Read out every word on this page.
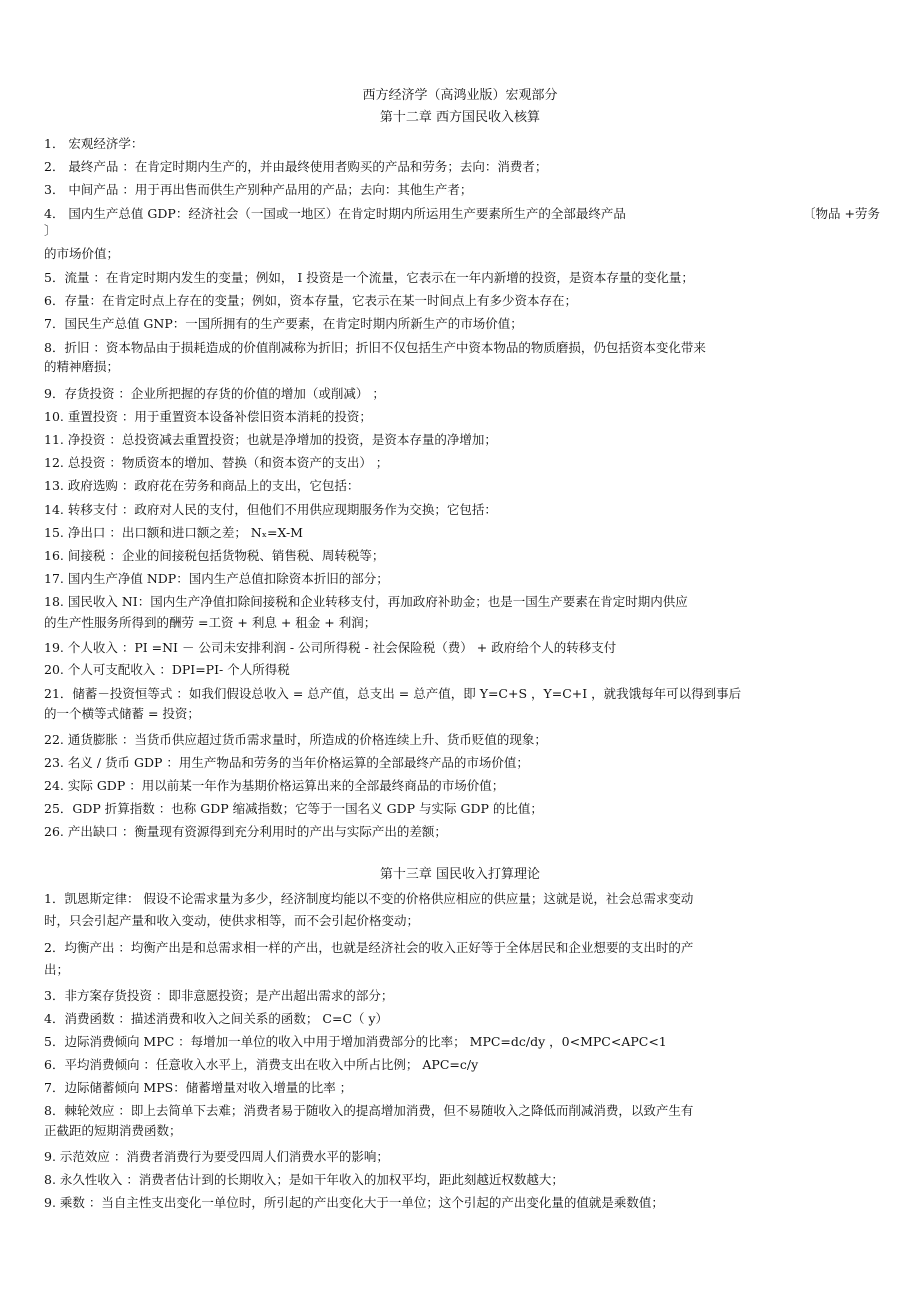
西方经济学（高鸿业版）宏观部分
第十二章 西方国民收入核算
1． 宏观经济学：
2． 最终产品 ：在肯定时期内生产的，并由最终使用者购买的产品和劳务；去向：消费者；
3． 中间产品 ：用于再出售而供生产别种产品用的产品；去向：其他生产者；
4． 国内生产总值 GDP：经济社会（一国或一地区）在肯定时期内所运用生产要素所生产的全部最终产品	〔物品 +劳务
〕
的市场价值；
5．流量 ：在肯定时期内发生的变量；例如， I 投资是一个流量，它表示在一年内新增的投资，是资本存量的变化量；
6．存量：在肯定时点上存在的变量；例如，资本存量，它表示在某一时间点上有多少资本存在；
7．国民生产总值 GNP：一国所拥有的生产要素，在肯定时期内所新生产的市场价值；
8．折旧 ：资本物品由于损耗造成的价值削减称为折旧；折旧不仅包括生产中资本物品的物质磨损，仍包括资本变化带来
的精神磨损；
9．存货投资 ：企业所把握的存货的价值的增加（或削减） ；
10. 重置投资 ：用于重置资本设备补偿旧资本消耗的投资；
11. 净投资 ：总投资减去重置投资；也就是净增加的投资，是资本存量的净增加；
12. 总投资 ：物质资本的增加、替换（和资本资产的支出） ；
13. 政府选购 ：政府花在劳务和商品上的支出，它包括：
14. 转移支付 ：政府对人民的支付，但他们不用供应现期服务作为交换；它包括：
15. 净出口 ：出口额和进口额之差； Nₓ=X-M
16. 间接税 ：企业的间接税包括货物税、销售税、周转税等；
17. 国内生产净值 NDP：国内生产总值扣除资本折旧的部分；
18. 国民收入 NI：国内生产净值扣除间接税和企业转移支付，再加政府补助金；也是一国生产要素在肯定时期内供应
的生产性服务所得到的酬劳 =工资 + 利息 + 租金 + 利润；
19. 个人收入 ：PI =NI － 公司未安排利润 - 公司所得税 - 社会保险税（费） + 政府给个人的转移支付
20. 个人可支配收入 ：DPI=PI- 个人所得税
21．储蓄－投资恒等式 ：如我们假设总收入 = 总产值，总支出 = 总产值，即 Y=C+S ，Y=C+I ，就我饿每年可以得到事后
的一个横等式储蓄 = 投资；
22. 通货膨胀 ：当货币供应超过货币需求量时，所造成的价格连续上升、货币贬值的现象；
23. 名义 / 货币 GDP ：用生产物品和劳务的当年价格运算的全部最终产品的市场价值；
24. 实际 GDP ：用以前某一年作为基期价格运算出来的全部最终商品的市场价值；
25．GDP 折算指数 ：也称 GDP 缩减指数；它等于一国名义 GDP 与实际 GDP 的比值；
26. 产出缺口 ：衡量现有资源得到充分利用时的产出与实际产出的差额；
第十三章 国民收入打算理论
1．凯恩斯定律： 假设不论需求量为多少，经济制度均能以不变的价格供应相应的供应量；这就是说，社会总需求变动
时，只会引起产量和收入变动，使供求相等，而不会引起价格变动；
2．均衡产出 ：均衡产出是和总需求相一样的产出，也就是经济社会的收入正好等于全体居民和企业想要的支出时的产
出；
3．非方案存货投资 ：即非意愿投资；是产出超出需求的部分；
4．消费函数 ：描述消费和收入之间关系的函数； C=C（ y）
5．边际消费倾向 MPC ：每增加一单位的收入中用于增加消费部分的比率； MPC=dc/dy ，0<MPC<APC<1
6．平均消费倾向 ：任意收入水平上，消费支出在收入中所占比例； APC=c/y
7．边际储蓄倾向 MPS：储蓄增量对收入增量的比率 ；
8．棘轮效应 ：即上去简单下去难；消费者易于随收入的提高增加消费，但不易随收入之降低而削减消费，以致产生有
正截距的短期消费函数；
9. 示范效应 ：消费者消费行为要受四周人们消费水平的影响；
8. 永久性收入 ：消费者估计到的长期收入；是如干年收入的加权平均，距此刻越近权数越大；
9. 乘数 ：当自主性支出变化一单位时，所引起的产出变化大于一单位；这个引起的产出变化量的值就是乘数值；
